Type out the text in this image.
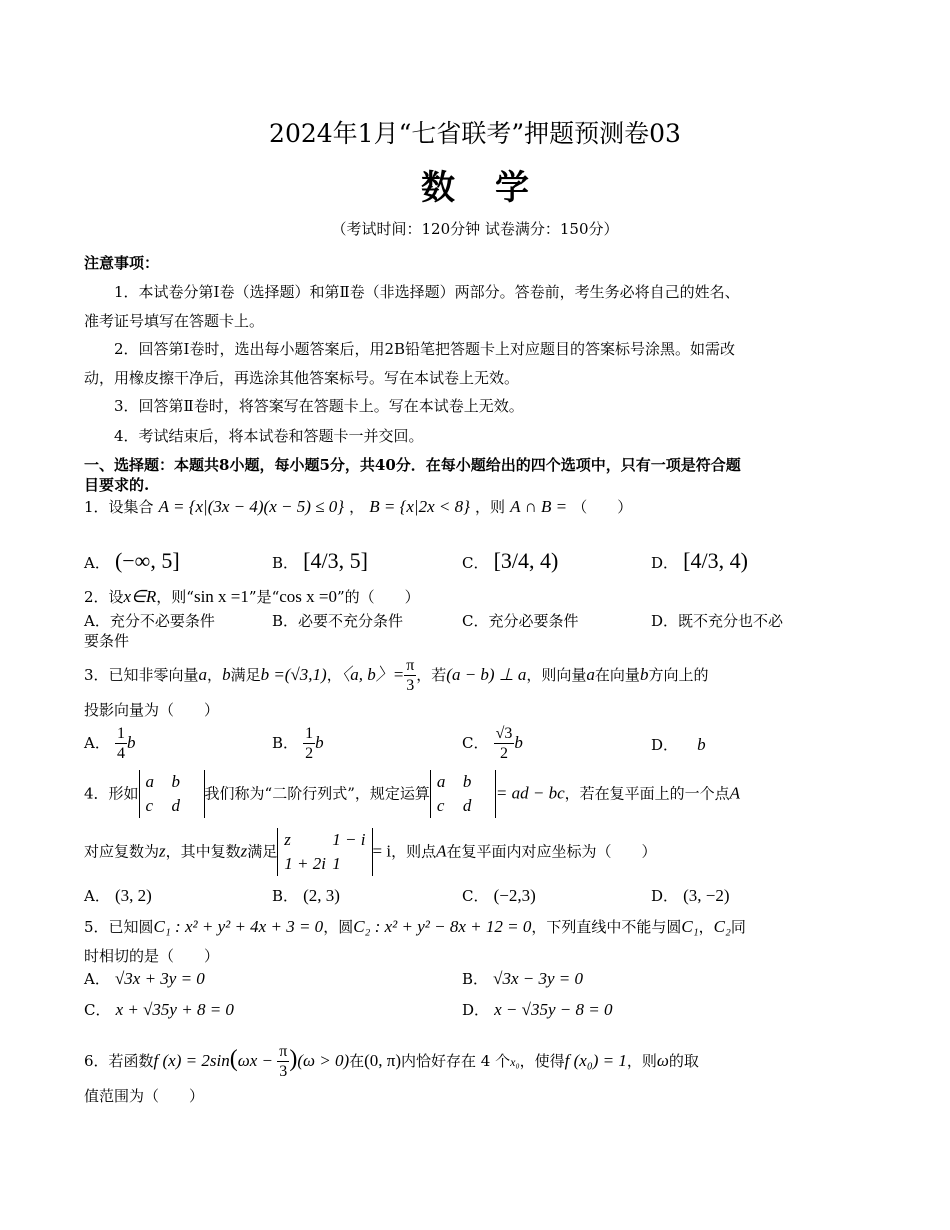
2024年1月“七省联考”押题预测卷03
数学
（考试时间：120分钟 试卷满分：150分）
注意事项：
1．本试卷分第Ⅰ卷（选择题）和第Ⅱ卷（非选择题）两部分。答卷前，考生务必将自己的姓名、
准考证号填写在答题卡上。
2．回答第Ⅰ卷时，选出每小题答案后，用2B铅笔把答题卡上对应题目的答案标号涂黑。如需改
动，用橡皮擦干净后，再选涂其他答案标号。写在本试卷上无效。
3．回答第Ⅱ卷时，将答案写在答题卡上。写在本试卷上无效。
4．考试结束后，将本试卷和答题卡一并交回。
一、选择题：本题共8小题，每小题5分，共40分．在每小题给出的四个选项中，只有一项是符合题
目要求的.
1．设集合 A = {x|(3x − 4)(x − 5) ≤ 0} ， B = {x|2x < 8} ，则 A ∩ B = （　　）
A． (−∞, 5]	B． [4/3, 5]	C． [3/4, 4)	D． [4/3, 4)
2．设x∈R，则“sin x =1”是“cos x =0”的（　　）
A．充分不必要条件	B．必要不充分条件	C．充分必要条件	D．既不充分也不必
要条件
3．已知非零向量a，b满足b =(√3,1)，〈a, b〉= $\frac{\pi}{3}$ ，若(a − b) ⊥ a，则向量a在向量b方向上的
投影向量为（　　）
A． $\frac{1}{4}$ b	B． $\frac{1}{2}$ b	C． $\frac{√3}{2}$ b	D． b
4．形如
a b
c d
我们称为“二阶行列式”，规定运算
a b
c d
= ad − bc，若在复平面上的一个点A
对应复数为z，其中复数z满足
z 1 − i
1 + 2i 1
= i，则点A在复平面内对应坐标为（　　）
A． (3, 2)	B． (2, 3)	C． (−2,3)	D． (3, −2)
5．已知圆C₁ : x² + y² + 4x + 3 = 0，圆C₂ : x² + y² − 8x + 12 = 0，下列直线中不能与圆C₁，C₂同
时相切的是（　　）
A． √3x + 3y = 0	B． √3x − 3y = 0
C． x + √35y + 8 = 0	D． x − √35y − 8 = 0
6．若函数f $(x) = 2\sin(\omega x - \frac{\pi}{3} )(\omega > 0)$在(0, π)内恰好存在 4 个x₀，使得f (x₀) = 1，则ω的取
值范围为（　　）
